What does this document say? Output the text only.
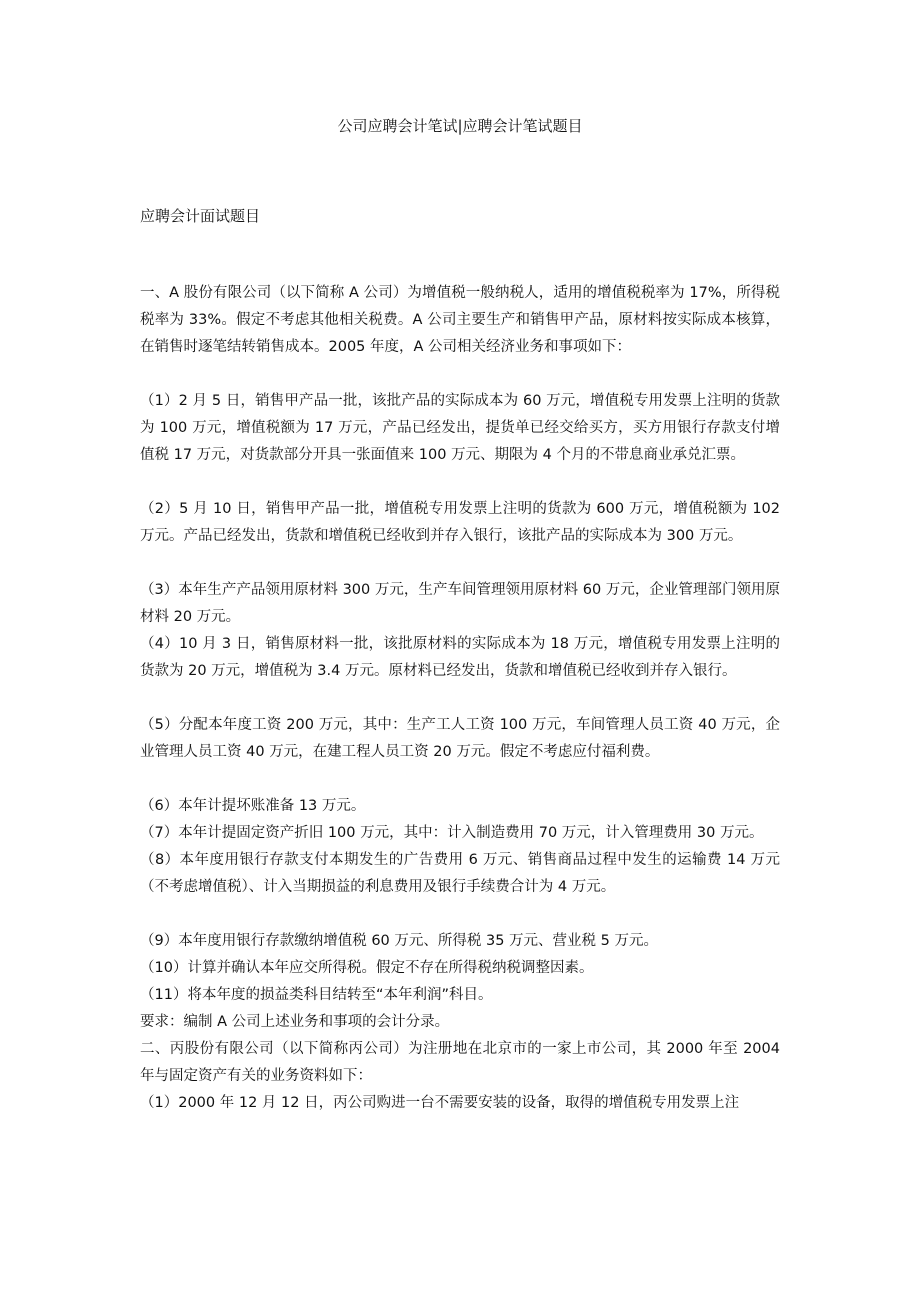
公司应聘会计笔试|应聘会计笔试题目
应聘会计面试题目

一、A 股份有限公司（以下简称 A 公司）为增值税一般纳税人，适用的增值税税率为 17%，所得税税率为 33%。假定不考虑其他相关税费。A 公司主要生产和销售甲产品，原材料按实际成本核算，在销售时逐笔结转销售成本。2005 年度，A 公司相关经济业务和事项如下：

（1）2 月 5 日，销售甲产品一批，该批产品的实际成本为 60 万元，增值税专用发票上注明的货款为 100 万元，增值税额为 17 万元，产品已经发出，提货单已经交给买方，买方用银行存款支付增值税 17 万元，对货款部分开具一张面值来 100 万元、期限为 4 个月的不带息商业承兑汇票。

（2）5 月 10 日，销售甲产品一批，增值税专用发票上注明的货款为 600 万元，增值税额为 102 万元。产品已经发出，货款和增值税已经收到并存入银行，该批产品的实际成本为 300 万元。

（3）本年生产产品领用原材料 300 万元，生产车间管理领用原材料 60 万元，企业管理部门领用原材料 20 万元。

（4）10 月 3 日，销售原材料一批，该批原材料的实际成本为 18 万元，增值税专用发票上注明的货款为 20 万元，增值税为 3.4 万元。原材料已经发出，货款和增值税已经收到并存入银行。

（5）分配本年度工资 200 万元，其中：生产工人工资 100 万元，车间管理人员工资 40 万元，企业管理人员工资 40 万元，在建工程人员工资 20 万元。假定不考虑应付福利费。

（6）本年计提坏账准备 13 万元。

（7）本年计提固定资产折旧 100 万元，其中：计入制造费用 70 万元，计入管理费用 30 万元。

（8）本年度用银行存款支付本期发生的广告费用 6 万元、销售商品过程中发生的运输费 14 万元（不考虑增值税）、计入当期损益的利息费用及银行手续费合计为 4 万元。

（9）本年度用银行存款缴纳增值税 60 万元、所得税 35 万元、营业税 5 万元。

（10）计算并确认本年应交所得税。假定不存在所得税纳税调整因素。

（11）将本年度的损益类科目结转至“本年利润”科目。

要求：编制 A 公司上述业务和事项的会计分录。

二、丙股份有限公司（以下简称丙公司）为注册地在北京市的一家上市公司，其 2000 年至 2004 年与固定资产有关的业务资料如下：

（1）2000 年 12 月 12 日，丙公司购进一台不需要安装的设备，取得的增值税专用发票上注
